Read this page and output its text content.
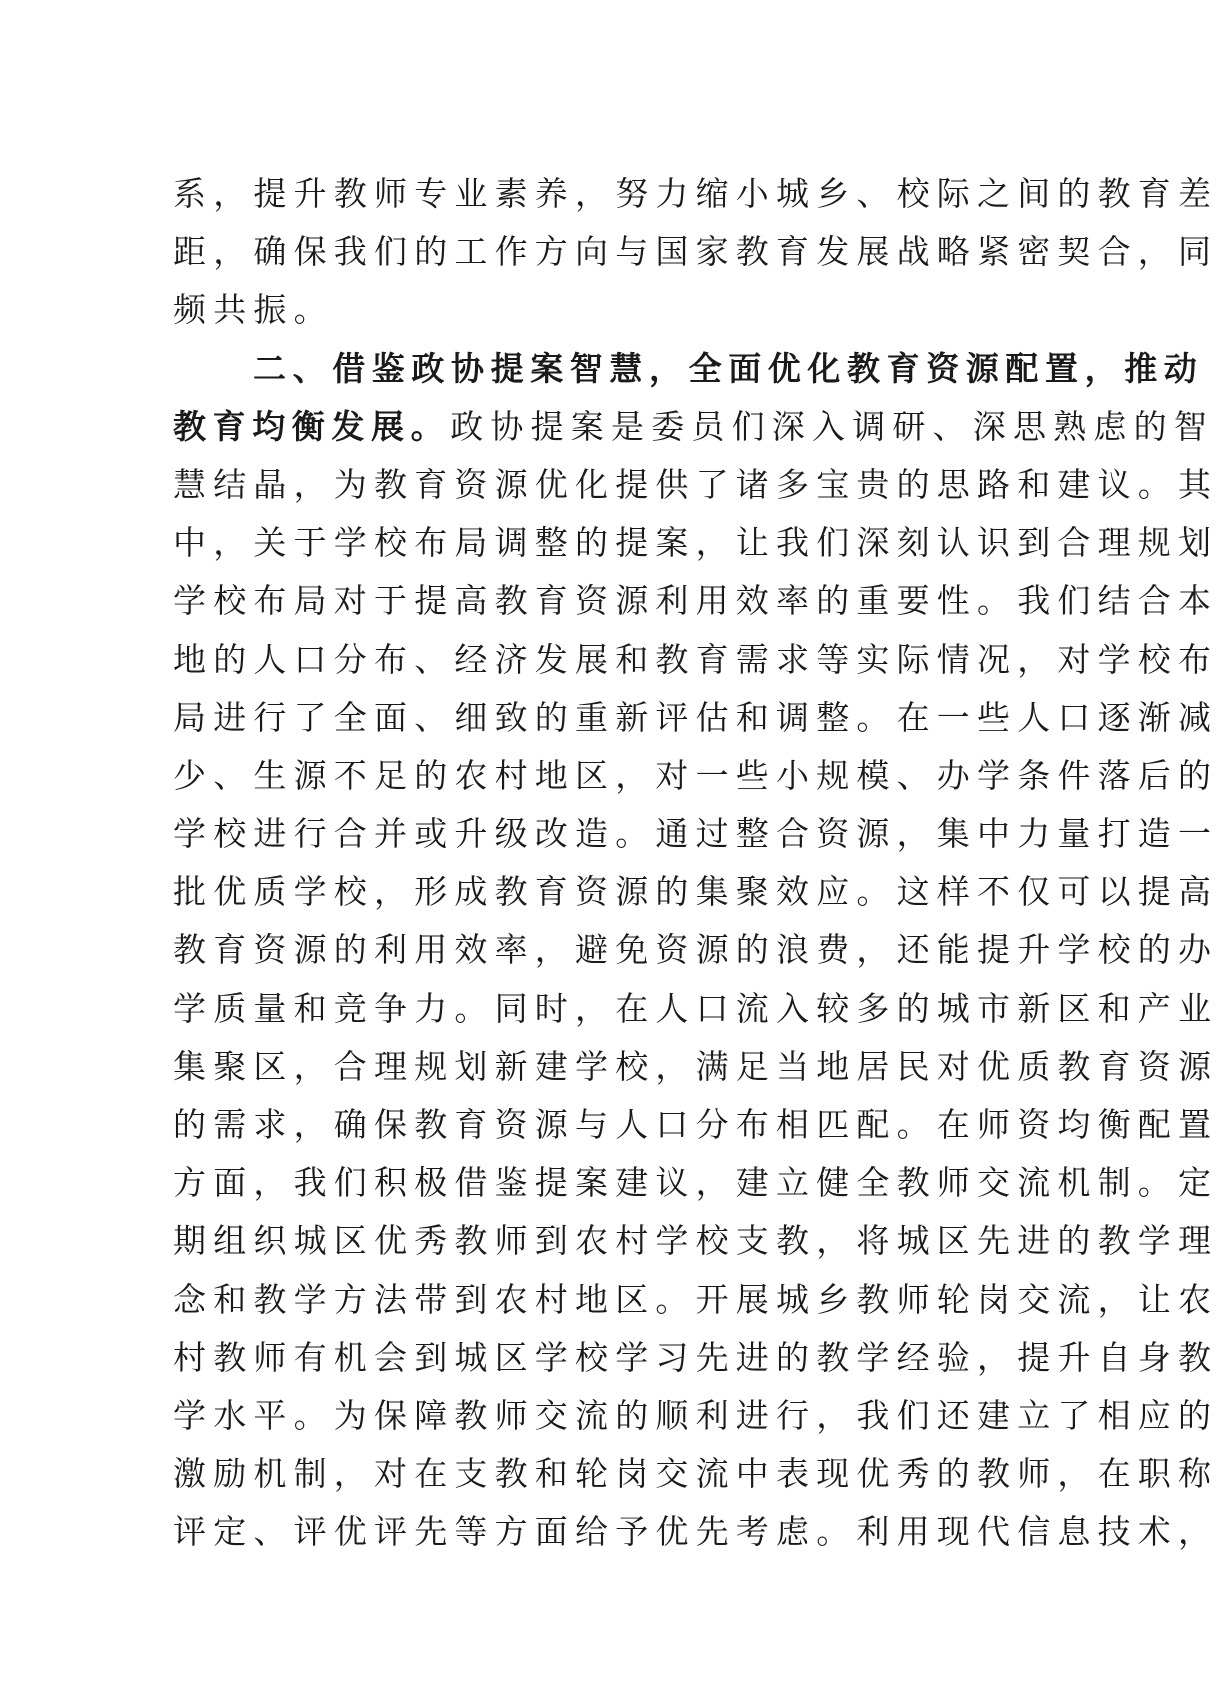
系，提升教师专业素养，努力缩小城乡、校际之间的教育差
距，确保我们的工作方向与国家教育发展战略紧密契合，同
频共振。
二、借鉴政协提案智慧，全面优化教育资源配置，推动
教育均衡发展。政协提案是委员们深入调研、深思熟虑的智
慧结晶，为教育资源优化提供了诸多宝贵的思路和建议。其
中，关于学校布局调整的提案，让我们深刻认识到合理规划
学校布局对于提高教育资源利用效率的重要性。我们结合本
地的人口分布、经济发展和教育需求等实际情况，对学校布
局进行了全面、细致的重新评估和调整。在一些人口逐渐减
少、生源不足的农村地区，对一些小规模、办学条件落后的
学校进行合并或升级改造。通过整合资源，集中力量打造一
批优质学校，形成教育资源的集聚效应。这样不仅可以提高
教育资源的利用效率，避免资源的浪费，还能提升学校的办
学质量和竞争力。同时，在人口流入较多的城市新区和产业
集聚区，合理规划新建学校，满足当地居民对优质教育资源
的需求，确保教育资源与人口分布相匹配。在师资均衡配置
方面，我们积极借鉴提案建议，建立健全教师交流机制。定
期组织城区优秀教师到农村学校支教，将城区先进的教学理
念和教学方法带到农村地区。开展城乡教师轮岗交流，让农
村教师有机会到城区学校学习先进的教学经验，提升自身教
学水平。为保障教师交流的顺利进行，我们还建立了相应的
激励机制，对在支教和轮岗交流中表现优秀的教师，在职称
评定、评优评先等方面给予优先考虑。利用现代信息技术，
